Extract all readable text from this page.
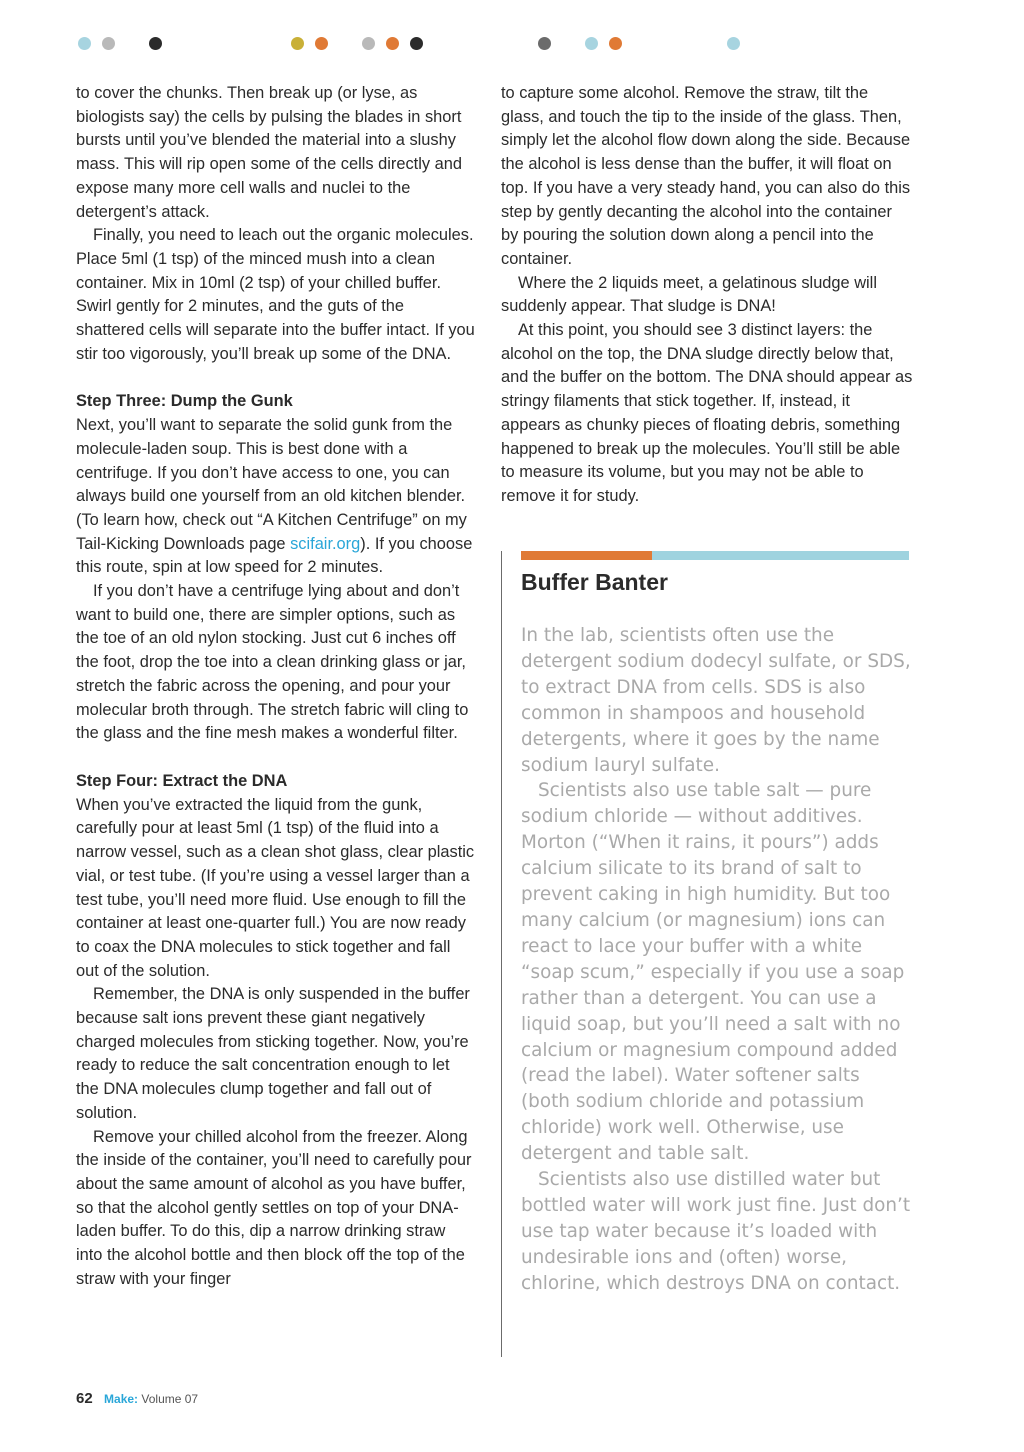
to cover the chunks. Then break up (or lyse, as biologists say) the cells by pulsing the blades in short bursts until you’ve blended the material into a slushy mass. This will rip open some of the cells directly and expose many more cell walls and nuclei to the detergent’s attack.

Finally, you need to leach out the organic molecules. Place 5ml (1 tsp) of the minced mush into a clean container. Mix in 10ml (2 tsp) of your chilled buffer. Swirl gently for 2 minutes, and the guts of the shattered cells will separate into the buffer intact. If you stir too vigorously, you’ll break up some of the DNA.

Step Three: Dump the Gunk

Next, you’ll want to separate the solid gunk from the molecule-laden soup. This is best done with a centrifuge. If you don’t have access to one, you can always build one yourself from an old kitchen blender. (To learn how, check out “A Kitchen Centrifuge” on my Tail-Kicking Downloads page scifair.org). If you choose this route, spin at low speed for 2 minutes.

If you don’t have a centrifuge lying about and don’t want to build one, there are simpler options, such as the toe of an old nylon stocking. Just cut 6 inches off the foot, drop the toe into a clean drinking glass or jar, stretch the fabric across the opening, and pour your molecular broth through. The stretch fabric will cling to the glass and the fine mesh makes a wonderful filter.

Step Four: Extract the DNA

When you’ve extracted the liquid from the gunk, carefully pour at least 5ml (1 tsp) of the fluid into a narrow vessel, such as a clean shot glass, clear plastic vial, or test tube. (If you’re using a vessel larger than a test tube, you’ll need more fluid. Use enough to fill the container at least one-quarter full.) You are now ready to coax the DNA molecules to stick together and fall out of the solution.

Remember, the DNA is only suspended in the buffer because salt ions prevent these giant negatively charged molecules from sticking together. Now, you’re ready to reduce the salt concentration enough to let the DNA molecules clump together and fall out of solution.

Remove your chilled alcohol from the freezer. Along the inside of the container, you’ll need to carefully pour about the same amount of alcohol as you have buffer, so that the alcohol gently settles on top of your DNA-laden buffer. To do this, dip a narrow drinking straw into the alcohol bottle and then block off the top of the straw with your finger

to capture some alcohol. Remove the straw, tilt the glass, and touch the tip to the inside of the glass. Then, simply let the alcohol flow down along the side. Because the alcohol is less dense than the buffer, it will float on top. If you have a very steady hand, you can also do this step by gently decanting the alcohol into the container by pouring the solution down along a pencil into the container.

Where the 2 liquids meet, a gelatinous sludge will suddenly appear. That sludge is DNA!

At this point, you should see 3 distinct layers: the alcohol on the top, the DNA sludge directly below that, and the buffer on the bottom. The DNA should appear as stringy filaments that stick together. If, instead, it appears as chunky pieces of floating debris, something happened to break up the molecules. You’ll still be able to measure its volume, but you may not be able to remove it for study.

Buffer Banter

In the lab, scientists often use the detergent sodium dodecyl sulfate, or SDS, to extract DNA from cells. SDS is also common in shampoos and household detergents, where it goes by the name sodium lauryl sulfate.

Scientists also use table salt — pure sodium chloride — without additives. Morton (“When it rains, it pours”) adds calcium silicate to its brand of salt to prevent caking in high humidity. But too many calcium (or magnesium) ions can react to lace your buffer with a white “soap scum,” especially if you use a soap rather than a detergent. You can use a liquid soap, but you’ll need a salt with no calcium or magnesium compound added (read the label). Water softener salts (both sodium chloride and potassium chloride) work well. Otherwise, use detergent and table salt.

Scientists also use distilled water but bottled water will work just fine. Just don’t use tap water because it’s loaded with undesirable ions and (often) worse, chlorine, which destroys DNA on contact.

62 Make: Volume 07
